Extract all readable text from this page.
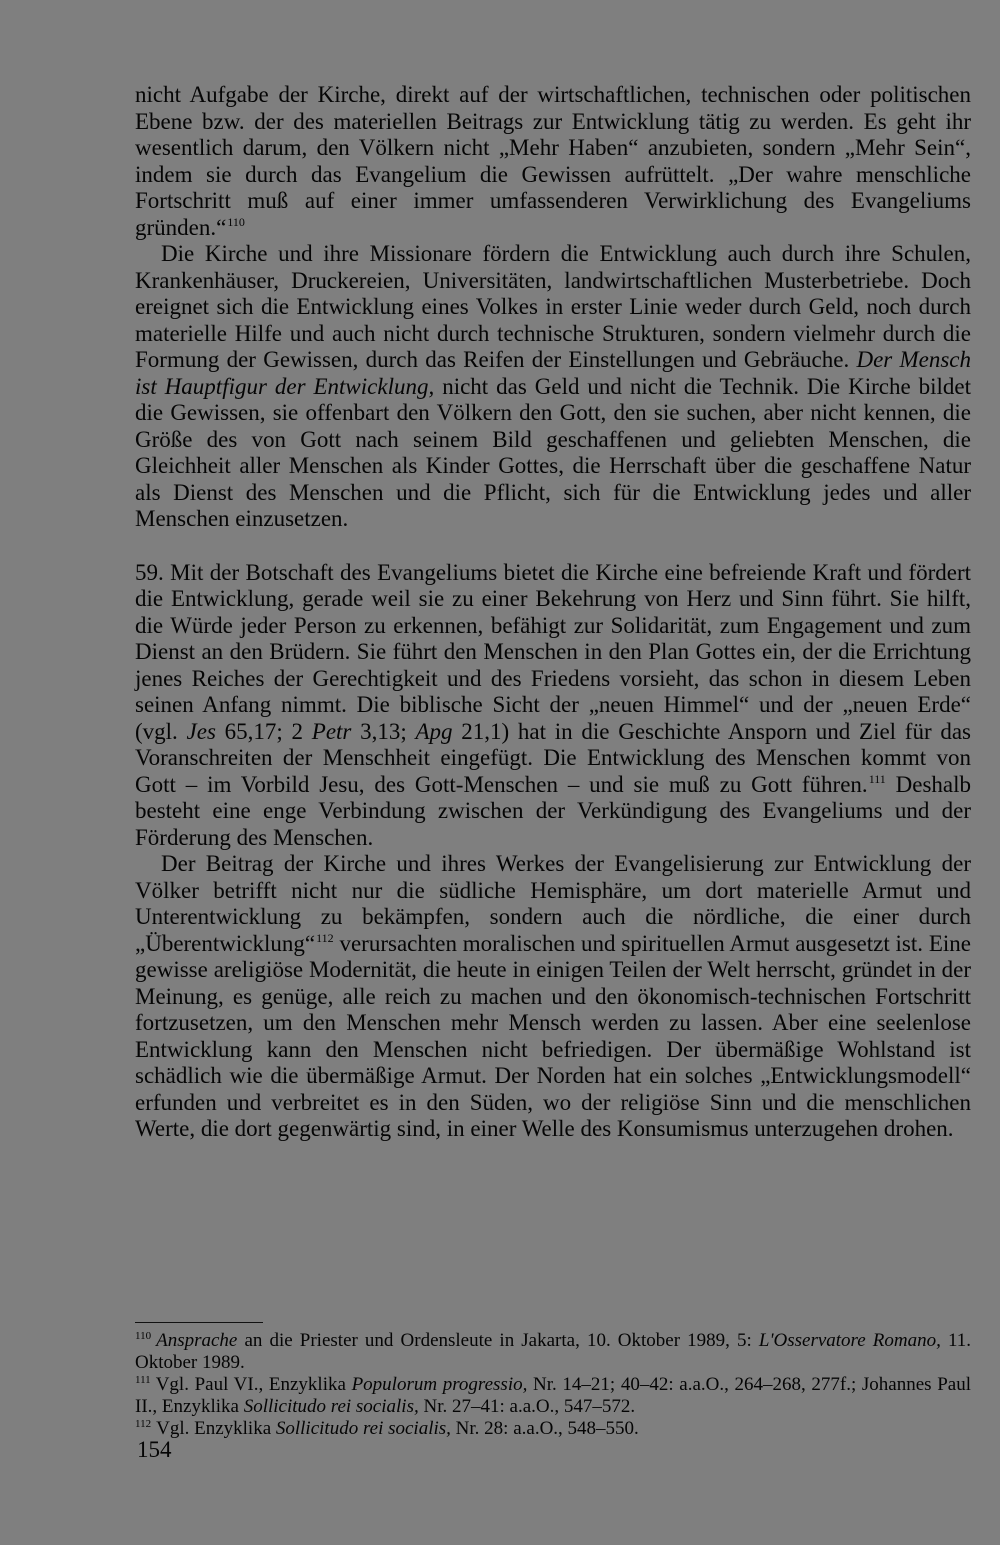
nicht Aufgabe der Kirche, direkt auf der wirtschaftlichen, technischen oder politischen Ebene bzw. der des materiellen Beitrags zur Entwicklung tätig zu werden. Es geht ihr wesentlich darum, den Völkern nicht „Mehr Haben“ anzubieten, sondern „Mehr Sein“, indem sie durch das Evangelium die Gewissen aufrüttelt. „Der wahre menschliche Fortschritt muß auf einer immer umfassenderen Verwirklichung des Evangeliums gründen.“$^{110}$

Die Kirche und ihre Missionare fördern die Entwicklung auch durch ihre Schulen, Krankenhäuser, Druckereien, Universitäten, landwirtschaftlichen Musterbetriebe. Doch ereignet sich die Entwicklung eines Volkes in erster Linie weder durch Geld, noch durch materielle Hilfe und auch nicht durch technische Strukturen, sondern vielmehr durch die Formung der Gewissen, durch das Reifen der Einstellungen und Gebräuche. Der Mensch ist Hauptfigur der Entwicklung, nicht das Geld und nicht die Technik. Die Kirche bildet die Gewissen, sie offenbart den Völkern den Gott, den sie suchen, aber nicht kennen, die Größe des von Gott nach seinem Bild geschaffenen und geliebten Menschen, die Gleichheit aller Menschen als Kinder Gottes, die Herrschaft über die geschaffene Natur als Dienst des Menschen und die Pflicht, sich für die Entwicklung jedes und aller Menschen einzusetzen.

59. Mit der Botschaft des Evangeliums bietet die Kirche eine befreiende Kraft und fördert die Entwicklung, gerade weil sie zu einer Bekehrung von Herz und Sinn führt. Sie hilft, die Würde jeder Person zu erkennen, befähigt zur Solidarität, zum Engagement und zum Dienst an den Brüdern. Sie führt den Menschen in den Plan Gottes ein, der die Errichtung jenes Reiches der Gerechtigkeit und des Friedens vorsieht, das schon in diesem Leben seinen Anfang nimmt. Die biblische Sicht der „neuen Himmel“ und der „neuen Erde“ (vgl. Jes 65,17; 2 Petr 3,13; Apg 21,1) hat in die Geschichte Ansporn und Ziel für das Voranschreiten der Menschheit eingefügt. Die Entwicklung des Menschen kommt von Gott – im Vorbild Jesu, des Gott-Menschen – und sie muß zu Gott führen.$^{111}$ Deshalb besteht eine enge Verbindung zwischen der Verkündigung des Evangeliums und der Förderung des Menschen.

Der Beitrag der Kirche und ihres Werkes der Evangelisierung zur Entwicklung der Völker betrifft nicht nur die südliche Hemisphäre, um dort materielle Armut und Unterentwicklung zu bekämpfen, sondern auch die nördliche, die einer durch „Überentwicklung“$^{112}$ verursachten moralischen und spirituellen Armut ausgesetzt ist. Eine gewisse areligiöse Modernität, die heute in einigen Teilen der Welt herrscht, gründet in der Meinung, es genüge, alle reich zu machen und den ökonomisch-technischen Fortschritt fortzusetzen, um den Menschen mehr Mensch werden zu lassen. Aber eine seelenlose Entwicklung kann den Menschen nicht befriedigen. Der übermäßige Wohlstand ist schädlich wie die übermäßige Armut. Der Norden hat ein solches „Entwicklungsmodell“ erfunden und verbreitet es in den Süden, wo der religiöse Sinn und die menschlichen Werte, die dort gegenwärtig sind, in einer Welle des Konsumismus unterzugehen drohen.

$^{110}$ Ansprache an die Priester und Ordensleute in Jakarta, 10. Oktober 1989, 5: L'Osservatore Romano, 11. Oktober 1989.

$^{111}$ Vgl. Paul VI., Enzyklika Populorum progressio, Nr. 14–21; 40–42: a.a.O., 264–268, 277f.; Johannes Paul II., Enzyklika Sollicitudo rei socialis, Nr. 27–41: a.a.O., 547–572.

$^{112}$ Vgl. Enzyklika Sollicitudo rei socialis, Nr. 28: a.a.O., 548–550.

154
